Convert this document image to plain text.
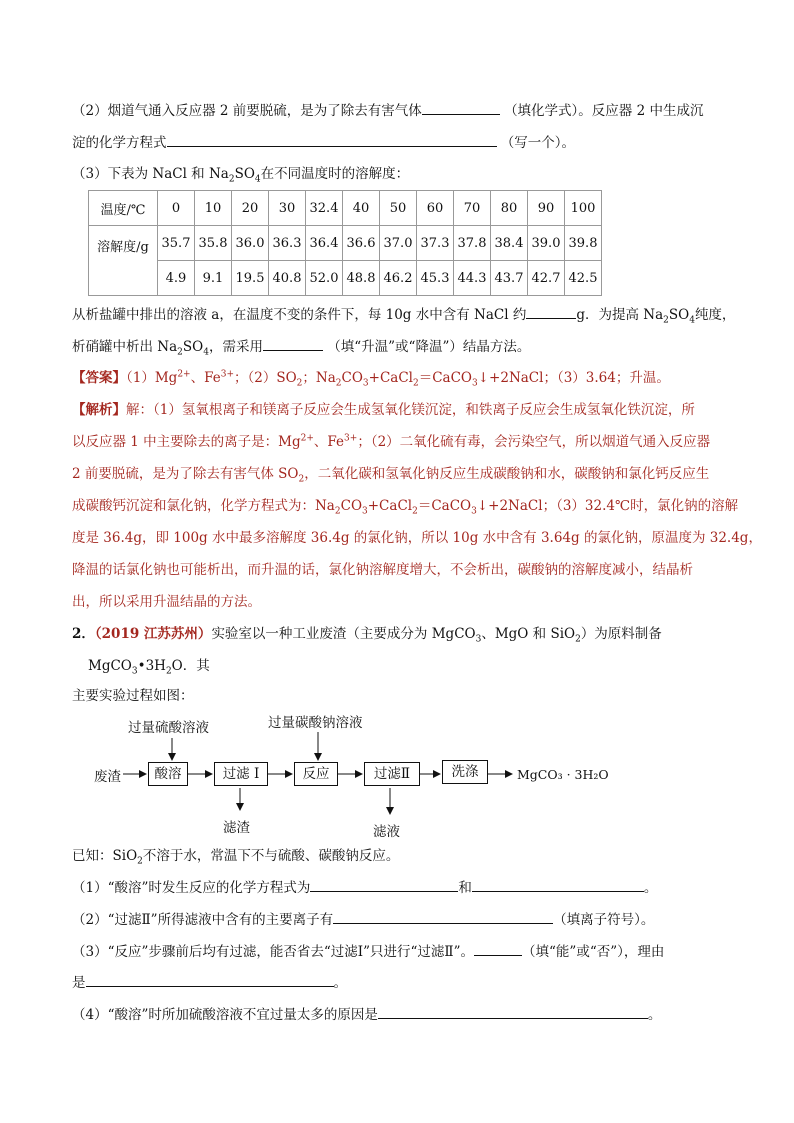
（2）烟道气通入反应器 2 前要脱硫，是为了除去有害气体	（填化学式）。反应器 2 中生成沉
淀的化学方程式	（写一个）。
（3）下表为 NaCl 和 $Na_2SO_4$在不同温度时的溶解度：
温度/℃	0	10	20	30	32.4	40	50	60	70	80	90	100
溶解度/g	35.7	35.8	36.0	36.3	36.4	36.6	37.0	37.3	37.8	38.4	39.0	39.8
	4.9	9.1	19.5	40.8	52.0	48.8	46.2	45.3	44.3	43.7	42.7	42.5
从析盐罐中排出的溶液 a，在温度不变的条件下，每 10g 水中含有 NaCl 约	g．为提高 $Na_2SO_4$纯度，
析硝罐中析出 $Na_2SO_4$，需采用	（填“升温”或“降温”）结晶方法。
【答案】$(1)Mg^{2+}$、$Fe^{3+}$；$(2)SO_2$；$Na_2CO_3+CaCl_2=CaCO_3↓+2NaCl$；（3）3.64；升温。
【解析】解：（1）氢氧根离子和镁离子反应会生成氢氧化镁沉淀，和铁离子反应会生成氢氧化铁沉淀，所
以反应器 1 中主要除去的离子是：$Mg^{2+}$、$Fe^{3+}$；（2）二氧化硫有毒，会污染空气，所以烟道气通入反应器
2 前要脱硫，是为了除去有害气体 $SO_2$，二氧化碳和氢氧化钠反应生成碳酸钠和水，碳酸钠和氯化钙反应生
成碳酸钙沉淀和氯化钠，化学方程式为：$Na_2CO_3+CaCl_2=CaCO_3↓+2NaCl$；（3）32.4℃时，氯化钠的溶解
度是 36.4g，即 100g 水中最多溶解度 36.4g 的氯化钠，所以 10g 水中含有 3.64g 的氯化钠，原温度为 32.4g，
降温的话氯化钠也可能析出，而升温的话，氯化钠溶解度增大，不会析出，碳酸钠的溶解度减小，结晶析
出，所以采用升温结晶的方法。
2．（2019 江苏苏州）实验室以一种工业废渣（主要成分为 MgCO$_3$、MgO 和 SiO$_2$）为原料制备
$MgCO_3•3H_2O$．其
主要实验过程如图：
过量硫酸溶液	过量碳酸钠溶液
废渣	酸溶	过滤 I	反应	过滤Ⅱ	洗涤	MgCO₃ · 3H₂O
滤渣	滤液
已知：SiO$_2$不溶于水，常温下不与硫酸、碳酸钠反应。
（1）“酸溶”时发生反应的化学方程式为	和	。
（2）“过滤Ⅱ”所得滤液中含有的主要离子有	（填离子符号）。
（3）“反应”步骤前后均有过滤，能否省去“过滤Ⅰ”只进行“过滤Ⅱ”。	（填“能”或“否”），理由
是	。
（4）“酸溶”时所加硫酸溶液不宜过量太多的原因是	。
